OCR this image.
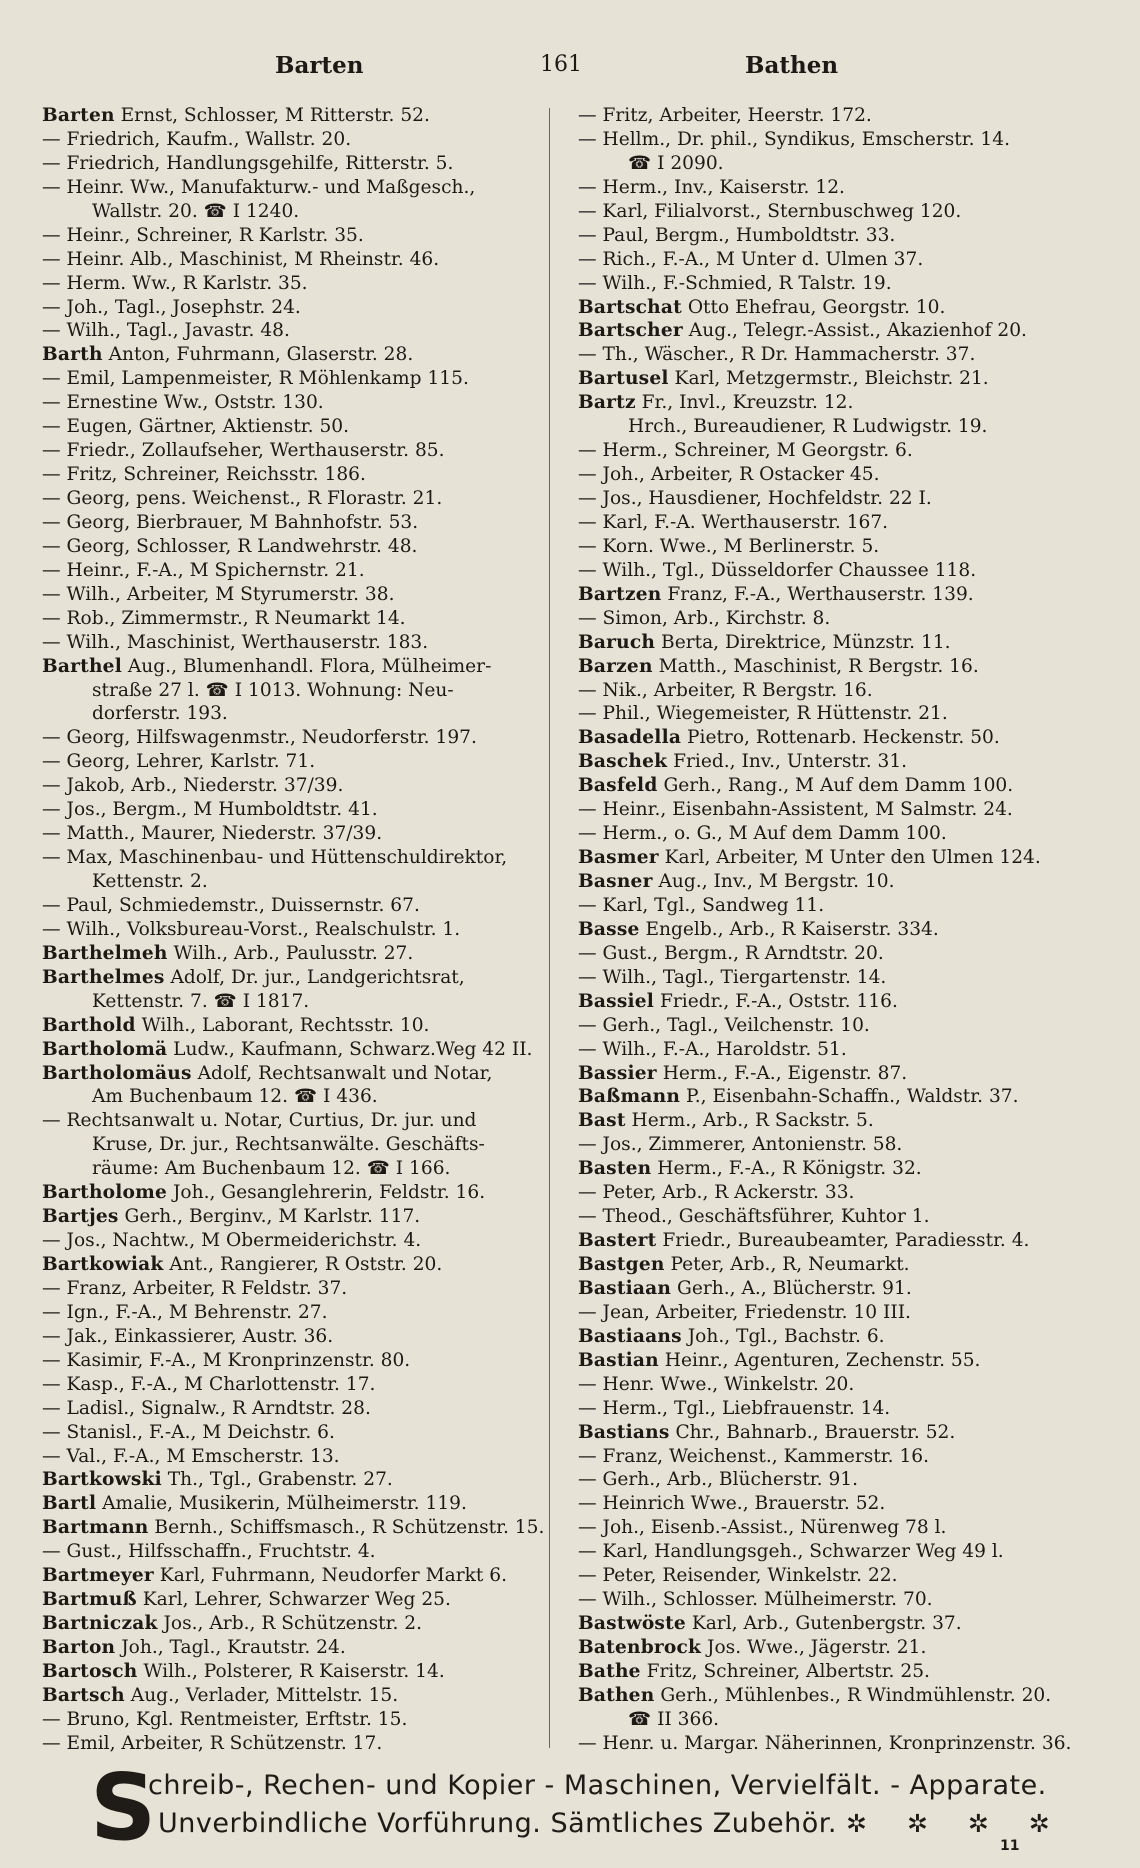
Barten	161	Bathen
Barten Ernst, Schlosser, M Ritterstr. 52.
— Friedrich, Kaufm., Wallstr. 20.
— Friedrich, Handlungsgehilfe, Ritterstr. 5.
— Heinr. Ww., Manufakturw.- und Maßgesch.,
Wallstr. 20. ☎ I 1240.
— Heinr., Schreiner, R Karlstr. 35.
— Heinr. Alb., Maschinist, M Rheinstr. 46.
— Herm. Ww., R Karlstr. 35.
— Joh., Tagl., Josephstr. 24.
— Wilh., Tagl., Javastr. 48.
Barth Anton, Fuhrmann, Glaserstr. 28.
— Emil, Lampenmeister, R Möhlenkamp 115.
— Ernestine Ww., Oststr. 130.
— Eugen, Gärtner, Aktienstr. 50.
— Friedr., Zollaufseher, Werthauserstr. 85.
— Fritz, Schreiner, Reichsstr. 186.
— Georg, pens. Weichenst., R Florastr. 21.
— Georg, Bierbrauer, M Bahnhofstr. 53.
— Georg, Schlosser, R Landwehrstr. 48.
— Heinr., F.-A., M Spichernstr. 21.
— Wilh., Arbeiter, M Styrumerstr. 38.
— Rob., Zimmermstr., R Neumarkt 14.
— Wilh., Maschinist, Werthauserstr. 183.
Barthel Aug., Blumenhandl. Flora, Mülheimer-
straße 27 l. ☎ I 1013. Wohnung: Neu-
dorferstr. 193.
— Georg, Hilfswagenmstr., Neudorferstr. 197.
— Georg, Lehrer, Karlstr. 71.
— Jakob, Arb., Niederstr. 37/39.
— Jos., Bergm., M Humboldtstr. 41.
— Matth., Maurer, Niederstr. 37/39.
— Max, Maschinenbau- und Hüttenschuldirektor,
Kettenstr. 2.
— Paul, Schmiedemstr., Duissernstr. 67.
— Wilh., Volksbureau-Vorst., Realschulstr. 1.
Barthelmeh Wilh., Arb., Paulusstr. 27.
Barthelmes Adolf, Dr. jur., Landgerichtsrat,
Kettenstr. 7. ☎ I 1817.
Barthold Wilh., Laborant, Rechtsstr. 10.
Bartholomä Ludw., Kaufmann, Schwarz.Weg 42 II.
Bartholomäus Adolf, Rechtsanwalt und Notar,
Am Buchenbaum 12. ☎ I 436.
— Rechtsanwalt u. Notar, Curtius, Dr. jur. und
Kruse, Dr. jur., Rechtsanwälte. Geschäfts-
räume: Am Buchenbaum 12. ☎ I 166.
Bartholome Joh., Gesanglehrerin, Feldstr. 16.
Bartjes Gerh., Berginv., M Karlstr. 117.
— Jos., Nachtw., M Obermeiderichstr. 4.
Bartkowiak Ant., Rangierer, R Oststr. 20.
— Franz, Arbeiter, R Feldstr. 37.
— Ign., F.-A., M Behrenstr. 27.
— Jak., Einkassierer, Austr. 36.
— Kasimir, F.-A., M Kronprinzenstr. 80.
— Kasp., F.-A., M Charlottenstr. 17.
— Ladisl., Signalw., R Arndtstr. 28.
— Stanisl., F.-A., M Deichstr. 6.
— Val., F.-A., M Emscherstr. 13.
Bartkowski Th., Tgl., Grabenstr. 27.
Bartl Amalie, Musikerin, Mülheimerstr. 119.
Bartmann Bernh., Schiffsmasch., R Schützenstr. 15.
— Gust., Hilfsschaffn., Fruchtstr. 4.
Bartmeyer Karl, Fuhrmann, Neudorfer Markt 6.
Bartmuß Karl, Lehrer, Schwarzer Weg 25.
Bartniczak Jos., Arb., R Schützenstr. 2.
Barton Joh., Tagl., Krautstr. 24.
Bartosch Wilh., Polsterer, R Kaiserstr. 14.
Bartsch Aug., Verlader, Mittelstr. 15.
— Bruno, Kgl. Rentmeister, Erftstr. 15.
— Emil, Arbeiter, R Schützenstr. 17.
— Fritz, Arbeiter, Heerstr. 172.
— Hellm., Dr. phil., Syndikus, Emscherstr. 14.
☎ I 2090.
— Herm., Inv., Kaiserstr. 12.
— Karl, Filialvorst., Sternbuschweg 120.
— Paul, Bergm., Humboldtstr. 33.
— Rich., F.-A., M Unter d. Ulmen 37.
— Wilh., F.-Schmied, R Talstr. 19.
Bartschat Otto Ehefrau, Georgstr. 10.
Bartscher Aug., Telegr.-Assist., Akazienhof 20.
— Th., Wäscher., R Dr. Hammacherstr. 37.
Bartusel Karl, Metzgermstr., Bleichstr. 21.
Bartz Fr., Invl., Kreuzstr. 12.
Hrch., Bureaudiener, R Ludwigstr. 19.
— Herm., Schreiner, M Georgstr. 6.
— Joh., Arbeiter, R Ostacker 45.
— Jos., Hausdiener, Hochfeldstr. 22 I.
— Karl, F.-A. Werthauserstr. 167.
— Korn. Wwe., M Berlinerstr. 5.
— Wilh., Tgl., Düsseldorfer Chaussee 118.
Bartzen Franz, F.-A., Werthauserstr. 139.
— Simon, Arb., Kirchstr. 8.
Baruch Berta, Direktrice, Münzstr. 11.
Barzen Matth., Maschinist, R Bergstr. 16.
— Nik., Arbeiter, R Bergstr. 16.
— Phil., Wiegemeister, R Hüttenstr. 21.
Basadella Pietro, Rottenarb. Heckenstr. 50.
Baschek Fried., Inv., Unterstr. 31.
Basfeld Gerh., Rang., M Auf dem Damm 100.
— Heinr., Eisenbahn-Assistent, M Salmstr. 24.
— Herm., o. G., M Auf dem Damm 100.
Basmer Karl, Arbeiter, M Unter den Ulmen 124.
Basner Aug., Inv., M Bergstr. 10.
— Karl, Tgl., Sandweg 11.
Basse Engelb., Arb., R Kaiserstr. 334.
— Gust., Bergm., R Arndtstr. 20.
— Wilh., Tagl., Tiergartenstr. 14.
Bassiel Friedr., F.-A., Oststr. 116.
— Gerh., Tagl., Veilchenstr. 10.
— Wilh., F.-A., Haroldstr. 51.
Bassier Herm., F.-A., Eigenstr. 87.
Baßmann P., Eisenbahn-Schaffn., Waldstr. 37.
Bast Herm., Arb., R Sackstr. 5.
— Jos., Zimmerer, Antonienstr. 58.
Basten Herm., F.-A., R Königstr. 32.
— Peter, Arb., R Ackerstr. 33.
— Theod., Geschäftsführer, Kuhtor 1.
Bastert Friedr., Bureaubeamter, Paradiesstr. 4.
Bastgen Peter, Arb., R, Neumarkt.
Bastiaan Gerh., A., Blücherstr. 91.
— Jean, Arbeiter, Friedenstr. 10 III.
Bastiaans Joh., Tgl., Bachstr. 6.
Bastian Heinr., Agenturen, Zechenstr. 55.
— Henr. Wwe., Winkelstr. 20.
— Herm., Tgl., Liebfrauenstr. 14.
Bastians Chr., Bahnarb., Brauerstr. 52.
— Franz, Weichenst., Kammerstr. 16.
— Gerh., Arb., Blücherstr. 91.
— Heinrich Wwe., Brauerstr. 52.
— Joh., Eisenb.-Assist., Nürenweg 78 l.
— Karl, Handlungsgeh., Schwarzer Weg 49 l.
— Peter, Reisender, Winkelstr. 22.
— Wilh., Schlosser. Mülheimerstr. 70.
Bastwöste Karl, Arb., Gutenbergstr. 37.
Batenbrock Jos. Wwe., Jägerstr. 21.
Bathe Fritz, Schreiner, Albertstr. 25.
Bathen Gerh., Mühlenbes., R Windmühlenstr. 20.
☎ II 366.
— Henr. u. Margar. Näherinnen, Kronprinzenstr. 36.
S
chreib-, Rechen- und Kopier - Maschinen, Vervielfält. - Apparate.
Unverbindliche Vorführung. Sämtliches Zubehör. ✲ ✲ ✲ ✲
11
